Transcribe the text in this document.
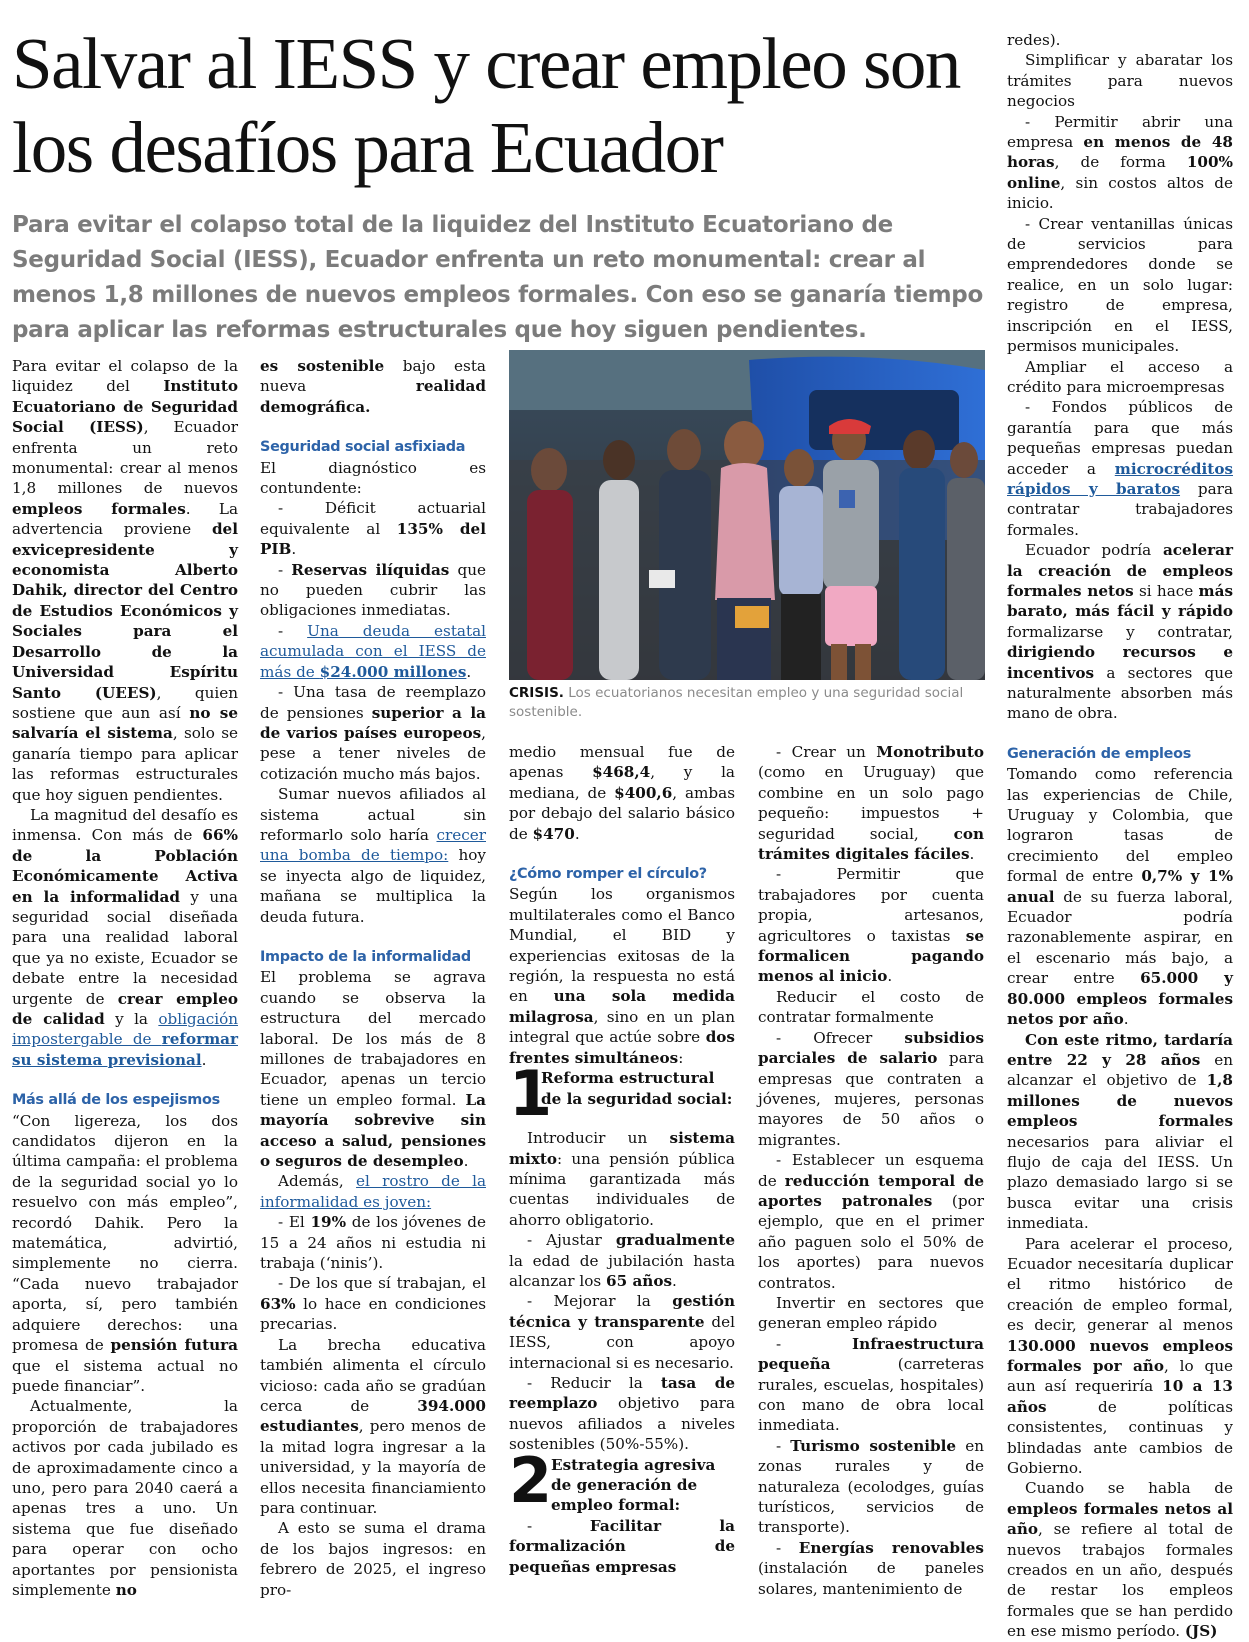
Salvar al IESS y crear empleo son los desafíos para Ecuador
Para evitar el colapso total de la liquidez del Instituto Ecuatoriano de Seguridad Social (IESS), Ecuador enfrenta un reto monumental: crear al menos 1,8 millones de nuevos empleos formales. Con eso se ganaría tiempo para aplicar las reformas estructurales que hoy siguen pendientes.

Para evitar el colapso de la liquidez del Instituto Ecuatoriano de Seguridad Social (IESS), Ecuador enfrenta un reto monumental: crear al menos 1,8 millones de nuevos empleos formales. La advertencia proviene del exvicepresidente y economista Alberto Dahik, director del Centro de Estudios Económicos y Sociales para el Desarrollo de la Universidad Espíritu Santo (UEES), quien sostiene que aun así no se salvaría el sistema, solo se ganaría tiempo para aplicar las reformas estructurales que hoy siguen pendientes.

La magnitud del desafío es inmensa. Con más de 66% de la Población Económicamente Activa en la informalidad y una seguridad social diseñada para una realidad laboral que ya no existe, Ecuador se debate entre la necesidad urgente de crear empleo de calidad y la obligación impostergable de reformar su sistema previsional.

Más allá de los espejismos

“Con ligereza, los dos candidatos dijeron en la última campaña: el problema de la seguridad social yo lo resuelvo con más empleo”, recordó Dahik. Pero la matemática, advirtió, simplemente no cierra. “Cada nuevo trabajador aporta, sí, pero también adquiere derechos: una promesa de pensión futura que el sistema actual no puede financiar”.

Actualmente, la proporción de trabajadores activos por cada jubilado es de aproximadamente cinco a uno, pero para 2040 caerá a apenas tres a uno. Un sistema que fue diseñado para operar con ocho aportantes por pensionista simplemente no

es sostenible bajo esta nueva realidad demográfica.

Seguridad social asfixiada

El diagnóstico es contundente:

- Déficit actuarial equivalente al 135% del PIB.

- Reservas ilíquidas que no pueden cubrir las obligaciones inmediatas.

- Una deuda estatal acumulada con el IESS de más de $24.000 millones.

- Una tasa de reemplazo de pensiones superior a la de varios países europeos, pese a tener niveles de cotización mucho más bajos.

Sumar nuevos afiliados al sistema actual sin reformarlo solo haría crecer una bomba de tiempo: hoy se inyecta algo de liquidez, mañana se multiplica la deuda futura.

Impacto de la informalidad

El problema se agrava cuando se observa la estructura del mercado laboral. De los más de 8 millones de trabajadores en Ecuador, apenas un tercio tiene un empleo formal. La mayoría sobrevive sin acceso a salud, pensiones o seguros de desempleo.

Además, el rostro de la informalidad es joven:

- El 19% de los jóvenes de 15 a 24 años ni estudia ni trabaja (‘ninis’).

- De los que sí trabajan, el 63% lo hace en condiciones precarias.

La brecha educativa también alimenta el círculo vicioso: cada año se gradúan cerca de 394.000 estudiantes, pero menos de la mitad logra ingresar a la universidad, y la mayoría de ellos necesita financiamiento para continuar.

A esto se suma el drama de los bajos ingresos: en febrero de 2025, el ingreso pro-

CRISIS. Los ecuatorianos necesitan empleo y una seguridad social sostenible.

medio mensual fue de apenas $468,4, y la mediana, de $400,6, ambas por debajo del salario básico de $470.

¿Cómo romper el círculo?

Según los organismos multilaterales como el Banco Mundial, el BID y experiencias exitosas de la región, la respuesta no está en una sola medida milagrosa, sino en un plan integral que actúe sobre dos frentes simultáneos:

1
Reforma estructural de la seguridad social:

Introducir un sistema mixto: una pensión pública mínima garantizada más cuentas individuales de ahorro obligatorio.

- Ajustar gradualmente la edad de jubilación hasta alcanzar los 65 años.

- Mejorar la gestión técnica y transparente del IESS, con apoyo internacional si es necesario.

- Reducir la tasa de reemplazo objetivo para nuevos afiliados a niveles sostenibles (50%-55%).

2
Estrategia agresiva de generación de empleo formal:

- Facilitar la formalización de pequeñas empresas

- Crear un Monotributo (como en Uruguay) que combine en un solo pago pequeño: impuestos + seguridad social, con trámites digitales fáciles.

- Permitir que trabajadores por cuenta propia, artesanos, agricultores o taxistas se formalicen pagando menos al inicio.

Reducir el costo de contratar formalmente

- Ofrecer subsidios parciales de salario para empresas que contraten a jóvenes, mujeres, personas mayores de 50 años o migrantes.

- Establecer un esquema de reducción temporal de aportes patronales (por ejemplo, que en el primer año paguen solo el 50% de los aportes) para nuevos contratos.

Invertir en sectores que generan empleo rápido

- Infraestructura pequeña (carreteras rurales, escuelas, hospitales) con mano de obra local inmediata.

- Turismo sostenible en zonas rurales y de naturaleza (ecolodges, guías turísticos, servicios de transporte).

- Energías renovables (instalación de paneles solares, mantenimiento de

redes).

Simplificar y abaratar los trámites para nuevos negocios

- Permitir abrir una empresa en menos de 48 horas, de forma 100% online, sin costos altos de inicio.

- Crear ventanillas únicas de servicios para emprendedores donde se realice, en un solo lugar: registro de empresa, inscripción en el IESS, permisos municipales.

Ampliar el acceso a crédito para microempresas

- Fondos públicos de garantía para que más pequeñas empresas puedan acceder a microcréditos rápidos y baratos para contratar trabajadores formales.

Ecuador podría acelerar la creación de empleos formales netos si hace más barato, más fácil y rápido formalizarse y contratar, dirigiendo recursos e incentivos a sectores que naturalmente absorben más mano de obra.

Generación de empleos

Tomando como referencia las experiencias de Chile, Uruguay y Colombia, que lograron tasas de crecimiento del empleo formal de entre 0,7% y 1% anual de su fuerza laboral, Ecuador podría razonablemente aspirar, en el escenario más bajo, a crear entre 65.000 y 80.000 empleos formales netos por año.

Con este ritmo, tardaría entre 22 y 28 años en alcanzar el objetivo de 1,8 millones de nuevos empleos formales necesarios para aliviar el flujo de caja del IESS. Un plazo demasiado largo si se busca evitar una crisis inmediata.

Para acelerar el proceso, Ecuador necesitaría duplicar el ritmo histórico de creación de empleo formal, es decir, generar al menos 130.000 nuevos empleos formales por año, lo que aun así requeriría 10 a 13 años de políticas consistentes, continuas y blindadas ante cambios de Gobierno.

Cuando se habla de empleos formales netos al año, se refiere al total de nuevos trabajos formales creados en un año, después de restar los empleos formales que se han perdido en ese mismo período. (JS)
